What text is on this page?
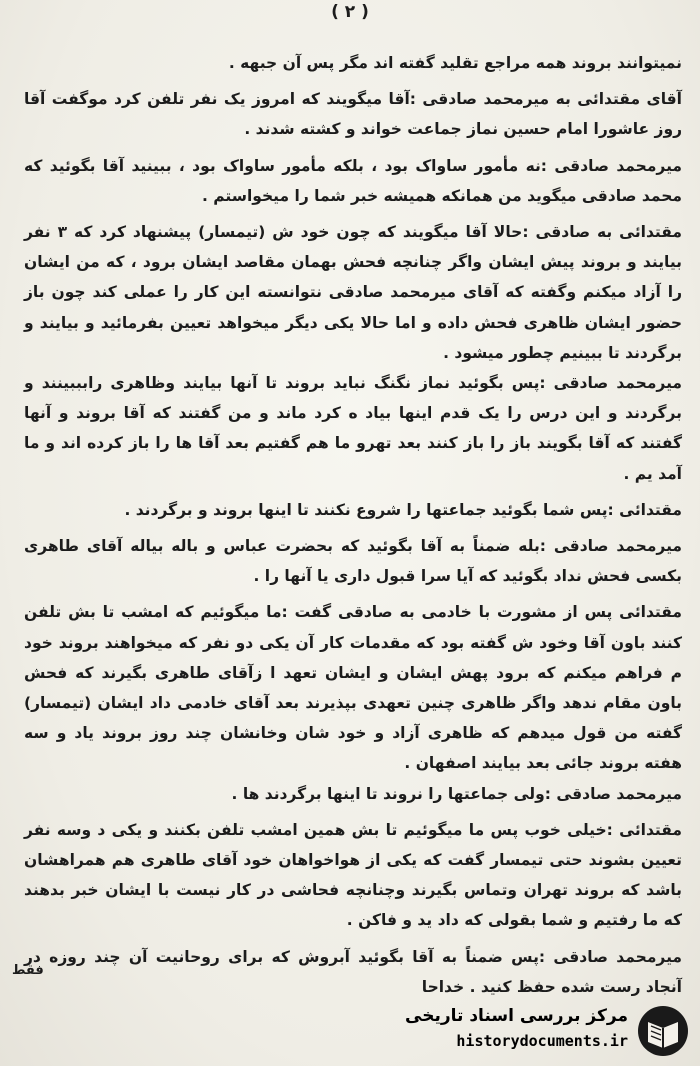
( ۲ )

نمیتوانند بروند همه مراجع تقلید گفته اند مگر پس آن جبهه .

آقای مقتدائی به میرمحمد صادقی :آقا میگویند که امروز یک نفر تلفن کرد موگفت آقا روز عاشورا امام حسین نماز جماعت خواند و کشته شدند .

میرمحمد صادقی :نه مأمور ساواک بود ، بلکه مأمور ساواک بود ، ببینید آقا بگوئید که محمد صادقی میگوید من همانکه همیشه خبر شما را میخواستم .

مقتدائی به صادقی :حالا آقا میگویند که چون خود ش (تیمسار) پیشنهاد کرد که ۳ نفر بیایند و بروند پیش ایشان واگر چنانچه فحش بهمان مقاصد ایشان برود ، که من ایشان را آزاد میکنم وگفته که آقای میرمحمد صادقی نتوانسته این کار را عملی کند چون باز حضور ایشان ظاهری فحش داده و اما حالا یکی دیگر میخواهد تعیین بفرمائید و بیایند و برگردند تا ببینیم چطور میشود .

میرمحمد صادقی :پس بگوئید نماز نگنگ نباید بروند تا آنها بیایند وظاهری رابببینند و برگردند و این درس را یک قدم اینها بیاد ه کرد ماند و من گفتند که آقا بروند و آنها گفتند که آقا بگویند باز را باز کنند بعد تهرو ما هم گفتیم بعد آقا ها را باز کرده اند و ما آمد یم .

مقتدائی :پس شما بگوئید جماعتها را شروع نکنند تا اینها بروند و برگردند .

میرمحمد صادقی :بله ضمناً به آقا بگوئید که بحضرت عباس و باله بیاله آقای طاهری بکسی فحش نداد بگوئید که آیا سرا قبول داری یا آنها را .

مقتدائی پس از مشورت با خادمی به صادقی گفت :ما میگوئیم که امشب تا بش تلفن کنند باون آقا وخود ش گفته بود که مقدمات کار آن یکی دو نفر که میخواهند بروند خود م فراهم میکنم که برود پهش ایشان و ایشان تعهد ا زآقای طاهری بگیرند که فحش باون مقام ندهد واگر ظاهری چنین تعهدی بپذیرند بعد آقای خادمی داد ایشان (تیمسار) گفته من قول میدهم که ظاهری آزاد و خود شان وخانشان چند روز بروند یاد و سه هفته بروند جائی بعد بیایند اصفهان .

میرمحمد صادقی :ولی جماعتها را نروند تا اینها برگردند ها .

مقتدائی :خیلی خوب پس ما میگوئیم تا بش همین امشب تلفن بکنند و یکی د وسه نفر تعیین بشوند حتی تیمسار گفت که یکی از هواخواهان خود آقای طاهری هم همراهشان باشد که بروند تهران وتماس بگیرند وچنانچه فحاشی در کار نیست با ایشان خبر بدهند که ما رفتیم و شما بقولی که داد ید و فاکن .

میرمحمد صادقی :پس ضمناً به آقا بگوئید آبروش که برای روحانیت آن چند روزه در آنجاد رست شده حفظ کنید . خداحا

فقط
مرکز بررسی اسناد تاریخی
historydocuments.ir
